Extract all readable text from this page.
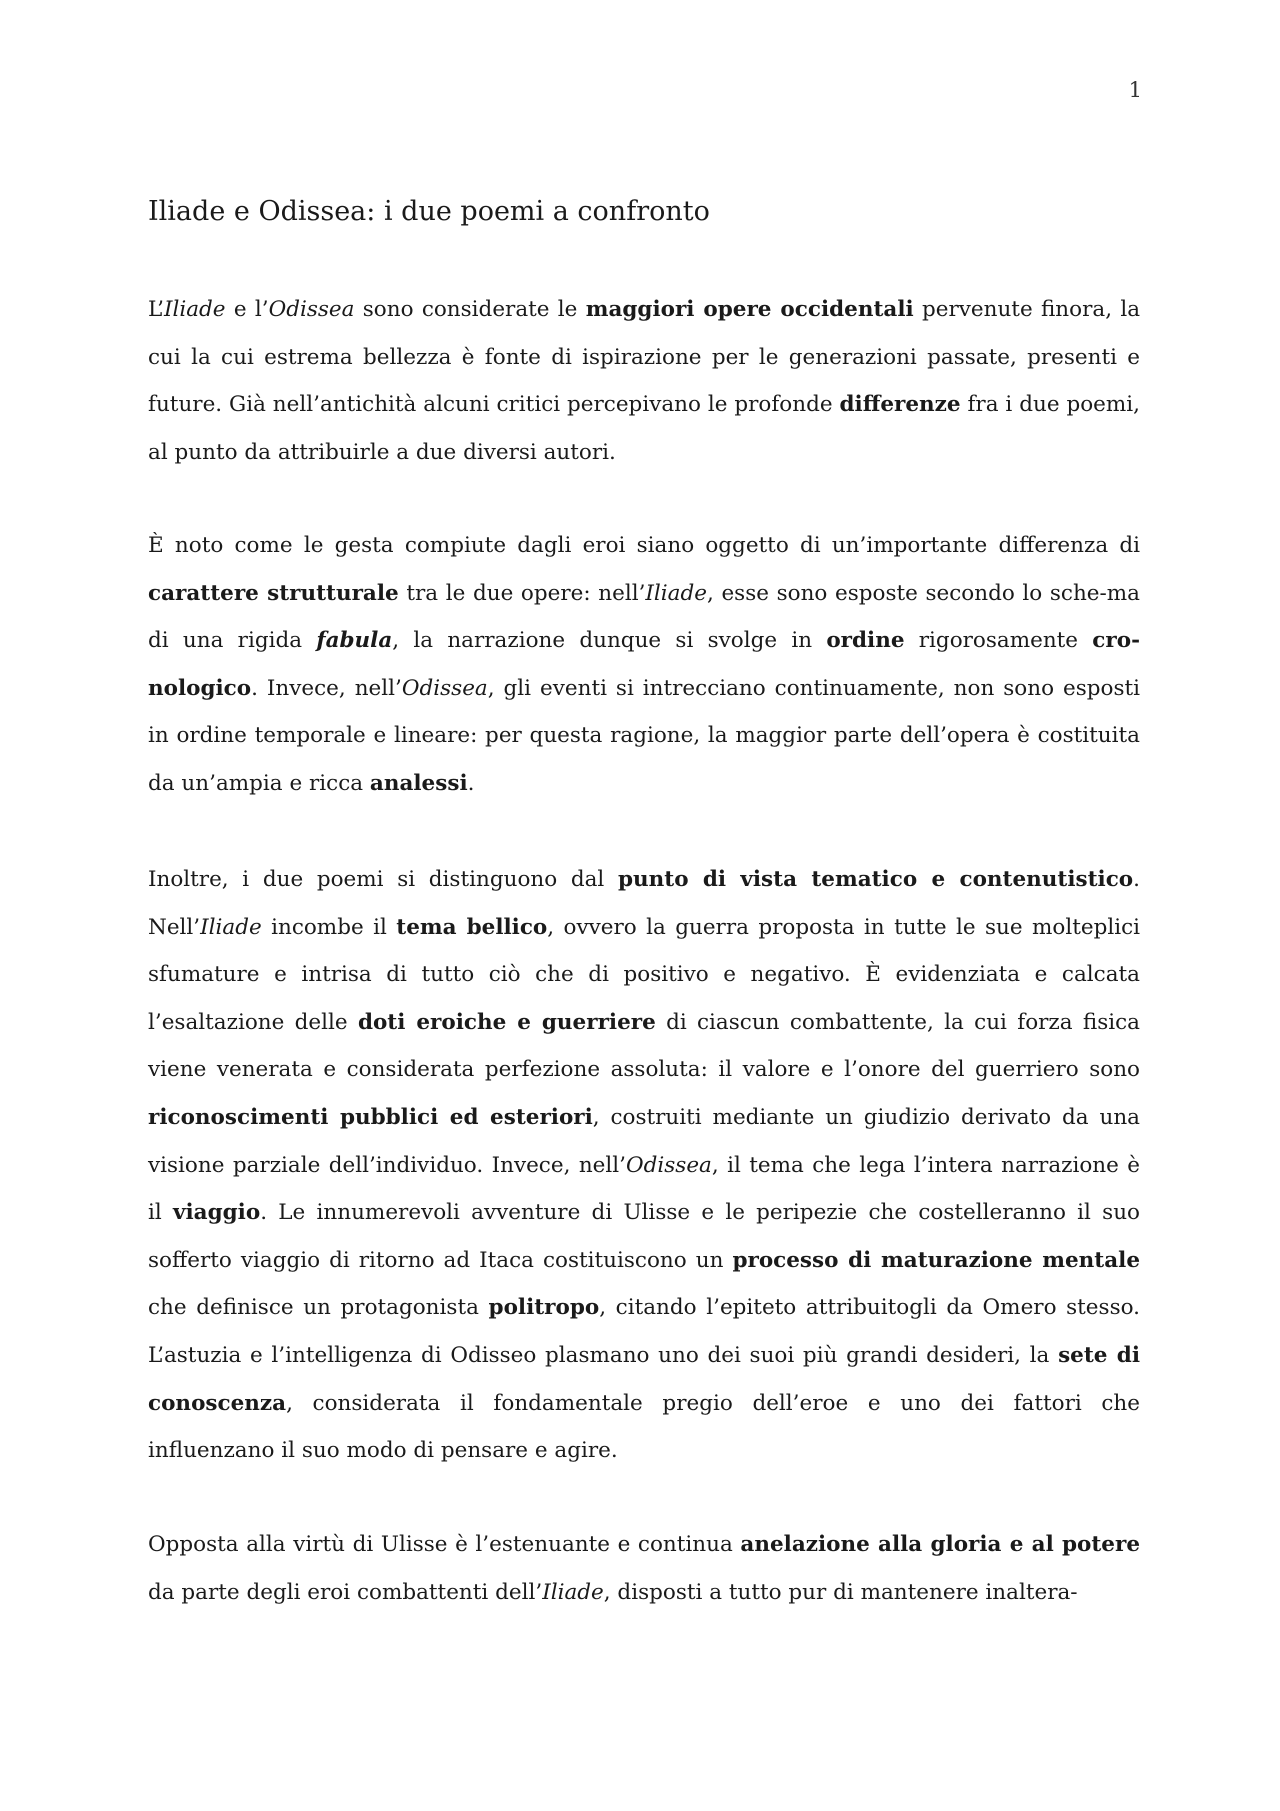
1
Iliade e Odissea: i due poemi a confronto

L’Iliade e l’Odissea sono considerate le maggiori opere occidentali pervenute finora, la cui la cui estrema bellezza è fonte di ispirazione per le generazioni passate, presenti e future. Già nell’antichità alcuni critici percepivano le profonde differenze fra i due poemi, al punto da attribuirle a due diversi autori.

È noto come le gesta compiute dagli eroi siano oggetto di un’importante differenza di carattere strutturale tra le due opere: nell’Iliade, esse sono esposte secondo lo sche-ma di una rigida fabula, la narrazione dunque si svolge in ordine rigorosamente cronologico. Invece, nell’Odissea, gli eventi si intrecciano continuamente, non sono esposti in ordine temporale e lineare: per questa ragione, la maggior parte dell’opera è costituita da un’ampia e ricca analessi.

Inoltre, i due poemi si distinguono dal punto di vista tematico e contenutistico. Nell’Iliade incombe il tema bellico, ovvero la guerra proposta in tutte le sue molteplici sfumature e intrisa di tutto ciò che di positivo e negativo. È evidenziata e calcata l’esaltazione delle doti eroiche e guerriere di ciascun combattente, la cui forza fisica viene venerata e considerata perfezione assoluta: il valore e l’onore del guerriero sono riconoscimenti pubblici ed esteriori, costruiti mediante un giudizio derivato da una visione parziale dell’individuo. Invece, nell’Odissea, il tema che lega l’intera narrazione è il viaggio. Le innumerevoli avventure di Ulisse e le peripezie che costelleranno il suo sofferto viaggio di ritorno ad Itaca costituiscono un processo di maturazione mentale che definisce un protagonista politropo, citando l’epiteto attribuitogli da Omero stesso. L’astuzia e l’intelligenza di Odisseo plasmano uno dei suoi più grandi desideri, la sete di conoscenza, considerata il fondamentale pregio dell’eroe e uno dei fattori che influenzano il suo modo di pensare e agire.

Opposta alla virtù di Ulisse è l’estenuante e continua anelazione alla gloria e al potere da parte degli eroi combattenti dell’Iliade, disposti a tutto pur di mantenere inaltera-
